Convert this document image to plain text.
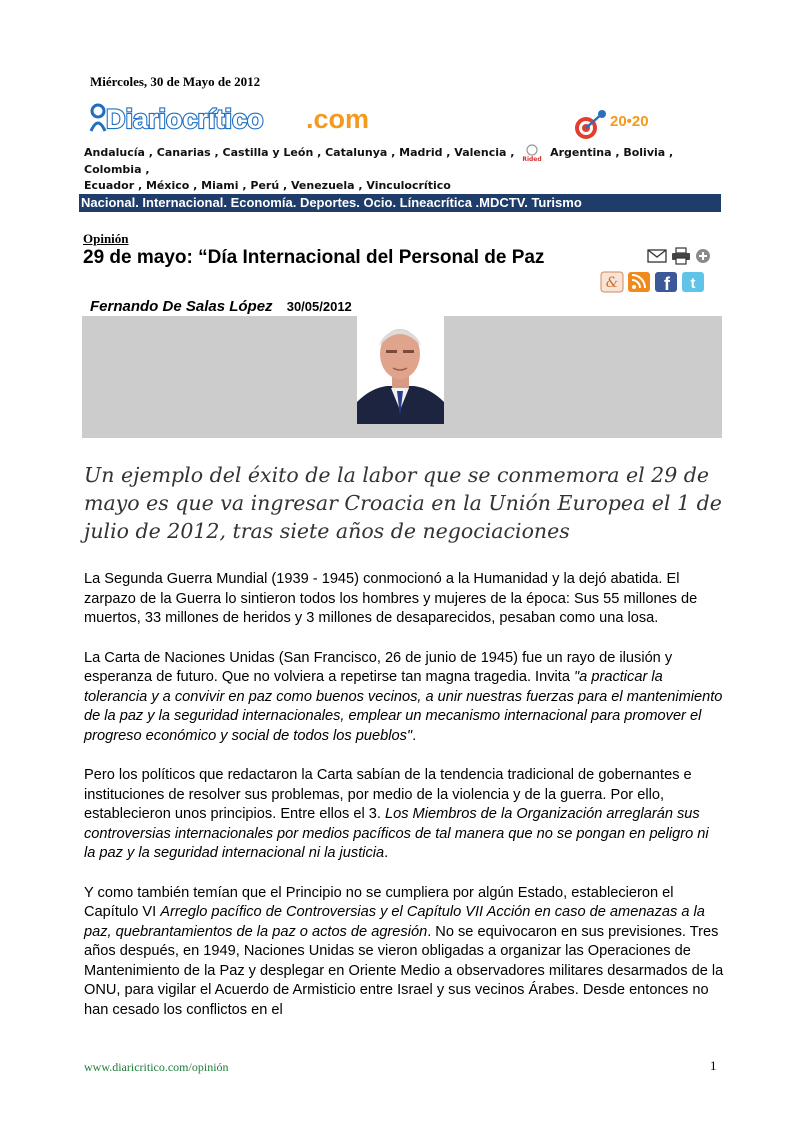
Miércoles, 30 de Mayo de 2012
Diariocrítico .com	20•20
Andalucía , Canarias , Castilla y León , Catalunya , Madrid , Valencia ,
Rided
Argentina , Bolivia , Colombia ,
Ecuador , México , Miami , Perú , Venezuela , Vinculocrítico
Nacional. Internacional. Economía. Deportes. Ocio. Líneacrítica .MDCTV. Turismo
Opinión
29 de mayo: “Día Internacional del Personal de Paz
&	f t
Fernando De Salas López 30/05/2012
Un ejemplo del éxito de la labor que se conmemora el 29 de mayo es que va ingresar Croacia en la Unión Europea el 1 de julio de 2012, tras siete años de negociaciones

La Segunda Guerra Mundial (1939 - 1945) conmocionó a la Humanidad y la dejó abatida. El zarpazo de la Guerra lo sintieron todos los hombres y mujeres de la época: Sus 55 millones de muertos, 33 millones de heridos y 3 millones de desaparecidos, pesaban como una losa.

La Carta de Naciones Unidas (San Francisco, 26 de junio de 1945) fue un rayo de ilusión y esperanza de futuro. Que no volviera a repetirse tan magna tragedia. Invita "a practicar la tolerancia y a convivir en paz como buenos vecinos, a unir nuestras fuerzas para el mantenimiento de la paz y la seguridad internacionales, emplear un mecanismo internacional para promover el progreso económico y social de todos los pueblos".

Pero los políticos que redactaron la Carta sabían de la tendencia tradicional de gobernantes e instituciones de resolver sus problemas, por medio de la violencia y de la guerra. Por ello, establecieron unos principios. Entre ellos el 3. Los Miembros de la Organización arreglarán sus controversias internacionales por medios pacíficos de tal manera que no se pongan en peligro ni la paz y la seguridad internacional ni la justicia.

Y como también temían que el Principio no se cumpliera por algún Estado, establecieron el Capítulo VI Arreglo pacífico de Controversias y el Capítulo VII Acción en caso de amenazas a la paz, quebrantamientos de la paz o actos de agresión. No se equivocaron en sus previsiones. Tres años después, en 1949, Naciones Unidas se vieron obligadas a organizar las Operaciones de Mantenimiento de la Paz y desplegar en Oriente Medio a observadores militares desarmados de la ONU, para vigilar el Acuerdo de Armisticio entre Israel y sus vecinos Árabes. Desde entonces no han cesado los conflictos en el

www.diaricritico.com/opinión	1
